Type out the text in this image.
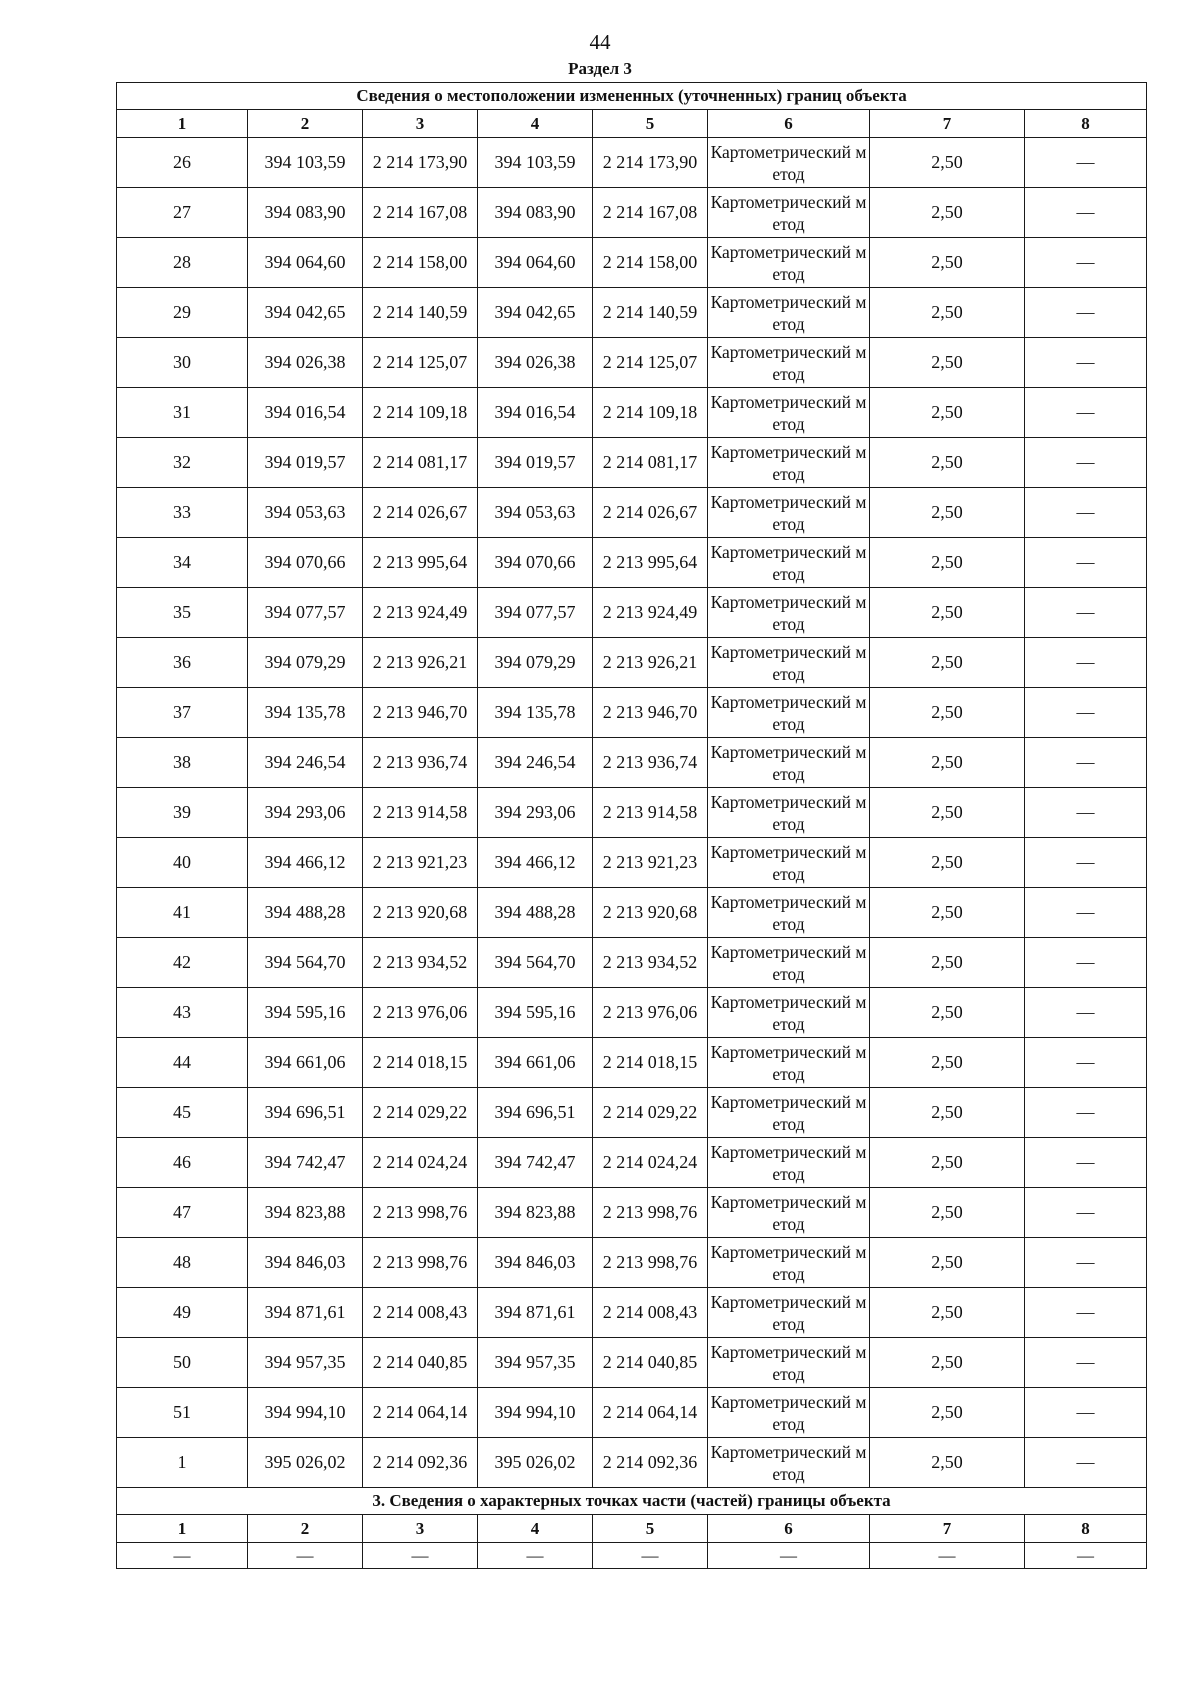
44
Раздел 3
Сведения о местоположении измененных (уточненных) границ объекта							
1	2	3	4	5	6	7	8
26	394 103,59	2 214 173,90	394 103,59	2 214 173,90	Картометрический метод	2,50	—
27	394 083,90	2 214 167,08	394 083,90	2 214 167,08	Картометрический метод	2,50	—
28	394 064,60	2 214 158,00	394 064,60	2 214 158,00	Картометрический метод	2,50	—
29	394 042,65	2 214 140,59	394 042,65	2 214 140,59	Картометрический метод	2,50	—
30	394 026,38	2 214 125,07	394 026,38	2 214 125,07	Картометрический метод	2,50	—
31	394 016,54	2 214 109,18	394 016,54	2 214 109,18	Картометрический метод	2,50	—
32	394 019,57	2 214 081,17	394 019,57	2 214 081,17	Картометрический метод	2,50	—
33	394 053,63	2 214 026,67	394 053,63	2 214 026,67	Картометрический метод	2,50	—
34	394 070,66	2 213 995,64	394 070,66	2 213 995,64	Картометрический метод	2,50	—
35	394 077,57	2 213 924,49	394 077,57	2 213 924,49	Картометрический метод	2,50	—
36	394 079,29	2 213 926,21	394 079,29	2 213 926,21	Картометрический метод	2,50	—
37	394 135,78	2 213 946,70	394 135,78	2 213 946,70	Картометрический метод	2,50	—
38	394 246,54	2 213 936,74	394 246,54	2 213 936,74	Картометрический метод	2,50	—
39	394 293,06	2 213 914,58	394 293,06	2 213 914,58	Картометрический метод	2,50	—
40	394 466,12	2 213 921,23	394 466,12	2 213 921,23	Картометрический метод	2,50	—
41	394 488,28	2 213 920,68	394 488,28	2 213 920,68	Картометрический метод	2,50	—
42	394 564,70	2 213 934,52	394 564,70	2 213 934,52	Картометрический метод	2,50	—
43	394 595,16	2 213 976,06	394 595,16	2 213 976,06	Картометрический метод	2,50	—
44	394 661,06	2 214 018,15	394 661,06	2 214 018,15	Картометрический метод	2,50	—
45	394 696,51	2 214 029,22	394 696,51	2 214 029,22	Картометрический метод	2,50	—
46	394 742,47	2 214 024,24	394 742,47	2 214 024,24	Картометрический метод	2,50	—
47	394 823,88	2 213 998,76	394 823,88	2 213 998,76	Картометрический метод	2,50	—
48	394 846,03	2 213 998,76	394 846,03	2 213 998,76	Картометрический метод	2,50	—
49	394 871,61	2 214 008,43	394 871,61	2 214 008,43	Картометрический метод	2,50	—
50	394 957,35	2 214 040,85	394 957,35	2 214 040,85	Картометрический метод	2,50	—
51	394 994,10	2 214 064,14	394 994,10	2 214 064,14	Картометрический метод	2,50	—
1	395 026,02	2 214 092,36	395 026,02	2 214 092,36	Картометрический метод	2,50	—
3. Сведения о характерных точках части (частей) границы объекта							
1	2	3	4	5	6	7	8
—	—	—	—	—	—	—	—
